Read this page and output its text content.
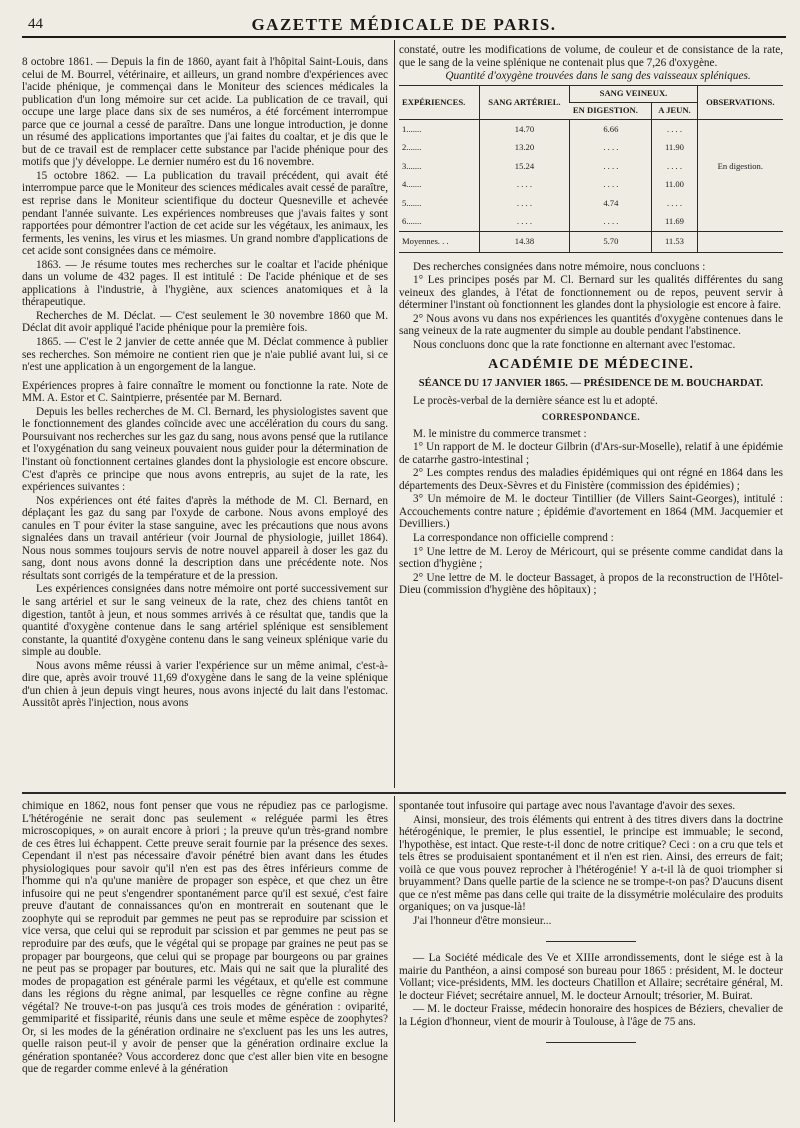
44	GAZETTE MÉDICALE DE PARIS.

8 octobre 1861. — Depuis la fin de 1860, ayant fait à l'hôpital Saint-Louis, dans celui de M. Bourrel, vétérinaire, et ailleurs, un grand nombre d'expériences avec l'acide phénique, je commençai dans le Moniteur des sciences médicales la publication d'un long mémoire sur cet acide. La publication de ce travail, qui occupe une large place dans six de ses numéros, a été forcément interrompue parce que ce journal a cessé de paraître. Dans une longue introduction, je donne un résumé des applications importantes que j'ai faites du coaltar, et je dis que le but de ce travail est de remplacer cette substance par l'acide phénique pour des motifs que j'y développe. Le dernier numéro est du 16 novembre.

15 octobre 1862. — La publication du travail précédent, qui avait été interrompue parce que le Moniteur des sciences médicales avait cessé de paraître, est reprise dans le Moniteur scientifique du docteur Quesneville et achevée pendant l'année suivante. Les expériences nombreuses que j'avais faites y sont rapportées pour démontrer l'action de cet acide sur les végétaux, les animaux, les ferments, les venins, les virus et les miasmes. Un grand nombre d'applications de cet acide sont consignées dans ce mémoire.

1863. — Je résume toutes mes recherches sur le coaltar et l'acide phénique dans un volume de 432 pages. Il est intitulé : De l'acide phénique et de ses applications à l'industrie, à l'hygiène, aux sciences anatomiques et à la thérapeutique.

Recherches de M. Déclat. — C'est seulement le 30 novembre 1860 que M. Déclat dit avoir appliqué l'acide phénique pour la première fois.

1865. — C'est le 2 janvier de cette année que M. Déclat commence à publier ses recherches. Son mémoire ne contient rien que je n'aie publié avant lui, si ce n'est une application à un engorgement de la langue.

Expériences propres à faire connaître le moment ou fonctionne la rate. Note de MM. A. Estor et C. Saintpierre, présentée par M. Bernard.

Depuis les belles recherches de M. Cl. Bernard, les physiologistes savent que le fonctionnement des glandes coïncide avec une accélération du cours du sang. Poursuivant nos recherches sur les gaz du sang, nous avons pensé que la rutilance et l'oxygénation du sang veineux pouvaient nous guider pour la détermination de l'instant où fonctionnent certaines glandes dont la physiologie est encore obscure. C'est d'après ce principe que nous avons entrepris, au sujet de la rate, les expériences suivantes :

Nos expériences ont été faites d'après la méthode de M. Cl. Bernard, en déplaçant les gaz du sang par l'oxyde de carbone. Nous avons employé des canules en T pour éviter la stase sanguine, avec les précautions que nous avons signalées dans un travail antérieur (voir Journal de physiologie, juillet 1864). Nous nous sommes toujours servis de notre nouvel appareil à doser les gaz du sang, dont nous avons donné la description dans une précédente note. Nos résultats sont corrigés de la température et de la pression.

Les expériences consignées dans notre mémoire ont porté successivement sur le sang artériel et sur le sang veineux de la rate, chez des chiens tantôt en digestion, tantôt à jeun, et nous sommes arrivés à ce résultat que, tandis que la quantité d'oxygène contenue dans le sang artériel splénique est sensiblement constante, la quantité d'oxygène contenu dans le sang veineux splénique varie du simple au double.

Nous avons même réussi à varier l'expérience sur un même animal, c'est-à-dire que, après avoir trouvé 11,69 d'oxygène dans le sang de la veine splénique d'un chien à jeun depuis vingt heures, nous avons injecté du lait dans l'estomac. Aussitôt après l'injection, nous avons

constaté, outre les modifications de volume, de couleur et de consistance de la rate, que le sang de la veine splénique ne contenait plus que 7,26 d'oxygène.

Quantité d'oxygène trouvées dans le sang des vaisseaux spléniques.

EXPÉRIENCES.	SANG ARTÉRIEL.	SANG VEINEUX.		OBSERVATIONS.
		EN DIGESTION.	A JEUN.	
1.......	14.70	6.66	. . . .	
2.......	13.20	. . . .	11.90	
3.......	15.24	. . . .	. . . .	En digestion.
4.......	. . . .	. . . .	11.00	
5.......	. . . .	4.74	. . . .	
6.......	. . . .	. . . .	11.69	
Moyennes. . .	14.38	5.70	11.53	

Des recherches consignées dans notre mémoire, nous concluons :

1° Les principes posés par M. Cl. Bernard sur les qualités différentes du sang veineux des glandes, à l'état de fonctionnement ou de repos, peuvent servir à déterminer l'instant où fonctionnent les glandes dont la physiologie est encore à faire.

2° Nous avons vu dans nos expériences les quantités d'oxygène contenues dans le sang veineux de la rate augmenter du simple au double pendant l'abstinence.

Nous concluons donc que la rate fonctionne en alternant avec l'estomac.

ACADÉMIE DE MÉDECINE.
SÉANCE DU 17 JANVIER 1865. — PRÉSIDENCE DE M. BOUCHARDAT.

Le procès-verbal de la dernière séance est lu et adopté.

CORRESPONDANCE.

M. le ministre du commerce transmet :

1° Un rapport de M. le docteur Gilbrin (d'Ars-sur-Moselle), relatif à une épidémie de catarrhe gastro-intestinal ;

2° Les comptes rendus des maladies épidémiques qui ont régné en 1864 dans les départements des Deux-Sèvres et du Finistère (commission des épidémies) ;

3° Un mémoire de M. le docteur Tintillier (de Villers Saint-Georges), intitulé : Accouchements contre nature ; épidémie d'avortement en 1864 (MM. Jacquemier et Devilliers.)

La correspondance non officielle comprend :

1° Une lettre de M. Leroy de Méricourt, qui se présente comme candidat dans la section d'hygiène ;

2° Une lettre de M. le docteur Bassaget, à propos de la reconstruction de l'Hôtel-Dieu (commission d'hygiène des hôpitaux) ;

chimique en 1862, nous font penser que vous ne répudiez pas ce parlogisme. L'hétérogénie ne serait donc pas seulement « reléguée parmi les êtres microscopiques, » on aurait encore à priori ; la preuve qu'un très-grand nombre de ces êtres lui échappent. Cette preuve serait fournie par la présence des sexes. Cependant il n'est pas nécessaire d'avoir pénétré bien avant dans les études physiologiques pour savoir qu'il n'en est pas des êtres inférieurs comme de l'homme qui n'a qu'une manière de propager son espèce, et que chez un être infusoire qui ne peut s'engendrer spontanément parce qu'il est sexué, c'est faire preuve d'autant de connaissances qu'on en montrerait en soutenant que le zoophyte qui se reproduit par gemmes ne peut pas se reproduire par scission et vice versa, que celui qui se reproduit par scission et par gemmes ne peut pas se reproduire par des œufs, que le végétal qui se propage par graines ne peut pas se propager par bourgeons, que celui qui se propage par bourgeons ou par graines ne peut pas se propager par boutures, etc. Mais qui ne sait que la pluralité des modes de propagation est générale parmi les végétaux, et qu'elle est commune dans les régions du règne animal, par lesquelles ce règne confine au règne végétal? Ne trouve-t-on pas jusqu'à ces trois modes de génération : oviparité, gemmiparité et fissiparité, réunis dans une seule et même espèce de zoophytes? Or, si les modes de la génération ordinaire ne s'excluent pas les uns les autres, quelle raison peut-il y avoir de penser que la génération ordinaire exclue la génération spontanée? Vous accorderez donc que c'est aller bien vite en besogne que de regarder comme enlevé à la génération

spontanée tout infusoire qui partage avec nous l'avantage d'avoir des sexes.

Ainsi, monsieur, des trois éléments qui entrent à des titres divers dans la doctrine hétérogénique, le premier, le plus essentiel, le principe est immuable; le second, l'hypothèse, est intact. Que reste-t-il donc de notre critique? Ceci : on a cru que tels et tels êtres se produisaient spontanément et il n'en est rien. Ainsi, des erreurs de fait; voilà ce que vous pouvez reprocher à l'hétérogénie! Y a-t-il là de quoi triompher si bruyamment? Dans quelle partie de la science ne se trompe-t-on pas? D'aucuns disent que ce n'est même pas dans celle qui traite de la dissymétrie moléculaire des produits organiques; on va jusque-là!

J'ai l'honneur d'être monsieur...

— La Société médicale des Ve et XIIIe arrondissements, dont le siége est à la mairie du Panthéon, a ainsi composé son bureau pour 1865 : président, M. le docteur Vollant; vice-présidents, MM. les docteurs Chatillon et Allaire; secrétaire général, M. le docteur Fiévet; secrétaire annuel, M. le docteur Arnoult; trésorier, M. Buirat.

— M. le docteur Fraisse, médecin honoraire des hospices de Béziers, chevalier de la Légion d'honneur, vient de mourir à Toulouse, à l'âge de 75 ans.
